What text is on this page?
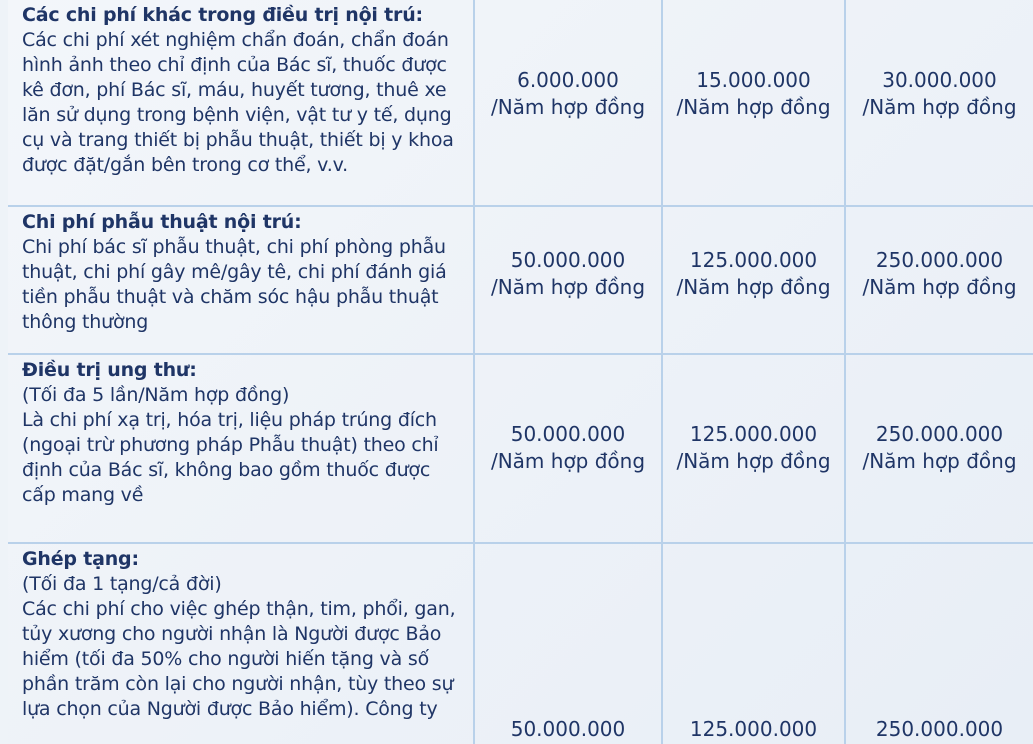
Các chi phí khác trong điều trị nội trú:
Các chi phí xét nghiệm chẩn đoán, chẩn đoán hình ảnh theo chỉ định của Bác sĩ, thuốc được kê đơn, phí Bác sĩ, máu, huyết tương, thuê xe lăn sử dụng trong bệnh viện, vật tư y tế, dụng cụ và trang thiết bị phẫu thuật, thiết bị y khoa được đặt/gắn bên trong cơ thể, v.v.
6.000.000
/Năm hợp đồng
15.000.000
/Năm hợp đồng
30.000.000
/Năm hợp đồng
Chi phí phẫu thuật nội trú:
Chi phí bác sĩ phẫu thuật, chi phí phòng phẫu thuật, chi phí gây mê/gây tê, chi phí đánh giá tiền phẫu thuật và chăm sóc hậu phẫu thuật thông thường
50.000.000
/Năm hợp đồng
125.000.000
/Năm hợp đồng
250.000.000
/Năm hợp đồng
Điều trị ung thư:
(Tối đa 5 lần/Năm hợp đồng)
Là chi phí xạ trị, hóa trị, liệu pháp trúng đích (ngoại trừ phương pháp Phẫu thuật) theo chỉ định của Bác sĩ, không bao gồm thuốc được cấp mang về
50.000.000
/Năm hợp đồng
125.000.000
/Năm hợp đồng
250.000.000
/Năm hợp đồng
Ghép tạng:
(Tối đa 1 tạng/cả đời)
Các chi phí cho việc ghép thận, tim, phổi, gan, tủy xương cho người nhận là Người được Bảo hiểm (tối đa 50% cho người hiến tặng và số phần trăm còn lại cho người nhận, tùy theo sự lựa chọn của Người được Bảo hiểm). Công ty
50.000.000	125.000.000	250.000.000
